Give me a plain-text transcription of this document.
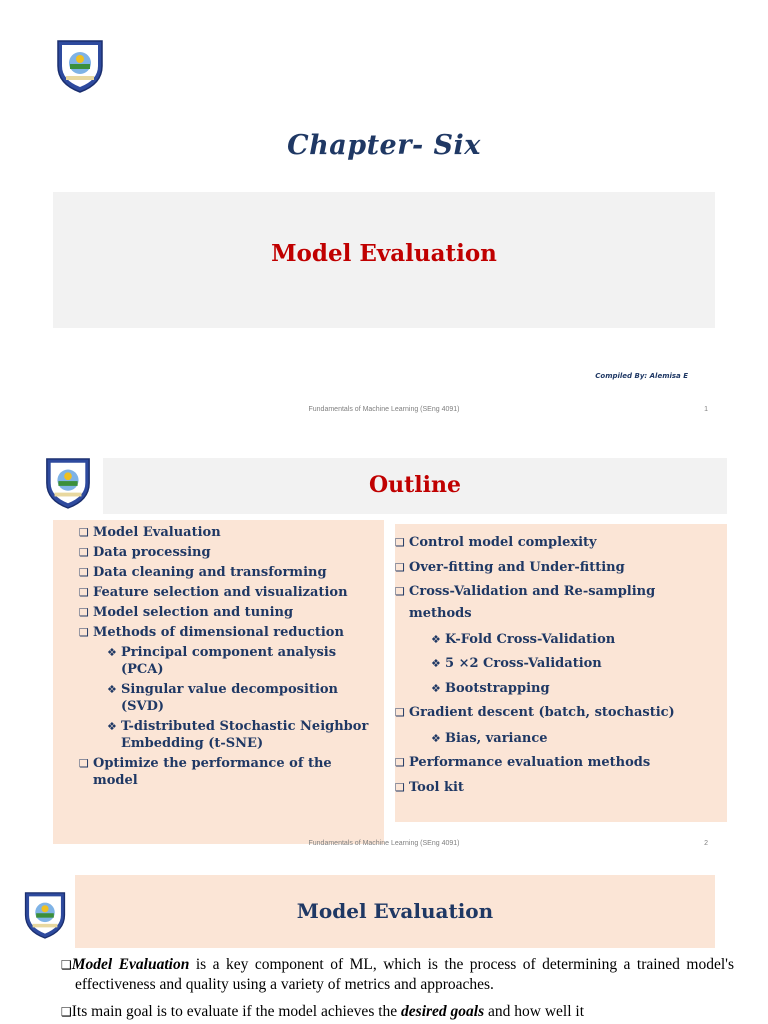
Chapter- Six
Model Evaluation
Compiled By: Alemisa E
Fundamentals of Machine Learning (SEng 4091)	1
Outline
❑ Model Evaluation
❑ Data processing
❑ Data cleaning and transforming
❑ Feature selection and visualization
❑ Model selection and tuning
❑ Methods of dimensional reduction
❖ Principal component analysis (PCA)
❖ Singular value decomposition (SVD)
❖ T-distributed Stochastic Neighbor Embedding (t-SNE)
❑ Optimize the performance of the model
❑ Control model complexity
❑ Over-fitting and Under-fitting
❑ Cross-Validation and Re-sampling methods
❖ K-Fold Cross-Validation
❖ 5 ×2 Cross-Validation
❖ Bootstrapping
❑ Gradient descent (batch, stochastic)
❖ Bias, variance
❑ Performance evaluation methods
❑ Tool kit
Fundamentals of Machine Learning (SEng 4091)	2
Model Evaluation
❑Model Evaluation is a key component of ML, which is the process of determining a trained model's effectiveness and quality using a variety of metrics and approaches.
❑Its main goal is to evaluate if the model achieves the desired goals and how well it
